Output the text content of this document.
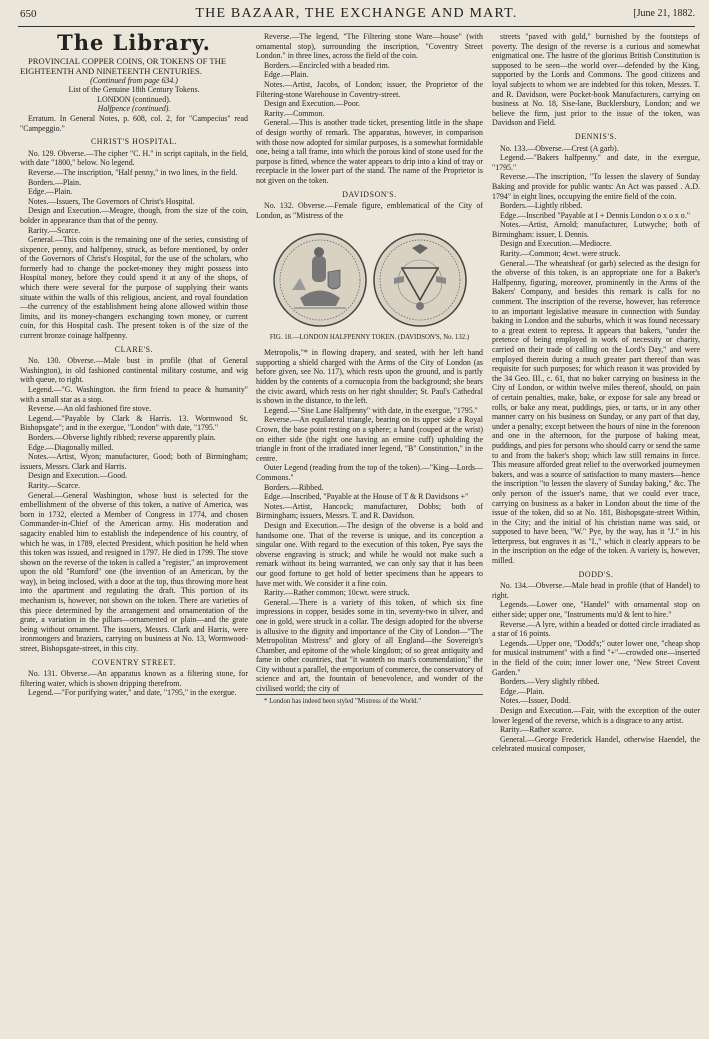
650	THE BAZAAR, THE EXCHANGE AND MART.	[June 21, 1882.
The Library.

PROVINCIAL COPPER COINS, OR TOKENS OF THE EIGHTEENTH AND NINETEENTH CENTURIES.

(Continued from page 634.)

List of the Genuine 18th Century Tokens.

LONDON (continued).

Halfpence (continued).

Erratum. In General Notes, p. 608, col. 2, for "Campecius" read "Campeggio."

CHRIST'S HOSPITAL.

No. 129. Obverse.—The cipher "C. H." in script capitals, in the field, with date "1800," below. No legend.

Reverse.—The inscription, "Half penny," in two lines, in the field.

Borders.—Plain.

Edge.—Plain.

Notes.—Issuers, The Governors of Christ's Hospital.

Design and Execution.—Meagre, though, from the size of the coin, bolder in appearance than that of the penny.

Rarity.—Scarce.

General.—This coin is the remaining one of the series, consisting of sixpence, penny, and halfpenny, struck, as before mentioned, by order of the Governors of Christ's Hospital, for the use of the scholars, who formerly had to change the pocket-money they might possess into Hospital money, before they could spend it at any of the shops, of which there were several for the purpose of supplying their wants situate within the walls of this religious, ancient, and royal foundation—the currency of the establishment being alone allowed within those limits, and its money-changers exchanging town money, or current coin, for this Hospital cash. The present token is of the size of the current bronze coinage halfpenny.

CLARE'S.

No. 130. Obverse.—Male bust in profile (that of General Washington), in old fashioned continental military costume, and wig with queue, to right.

Legend.—"G. Washington. the firm friend to peace & humanity" with a small star as a stop.

Reverse.—An old fashioned fire stove.

Legend.—"Payable by Clark & Harris. 13. Wormwood St. Bishopsgate"; and in the exergue, "London" with date, "1795."

Borders.—Obverse lightly ribbed; reverse apparently plain.

Edge.—Diagonally milled.

Notes.—Artist, Wyon; manufacturer, Good; both of Birmingham; issuers, Messrs. Clark and Harris.

Design and Execution.—Good.

Rarity.—Scarce.

General.—General Washington, whose bust is selected for the embellishment of the obverse of this token, a native of America, was born in 1732, elected a Member of Congress in 1774, and chosen Commander-in-Chief of the American army. His moderation and sagacity enabled him to establish the independence of his country, of which he was, in 1789, elected President, which position he held when this token was issued, and resigned in 1797. He died in 1799. The stove shown on the reverse of the token is called a "register," an improvement upon the old "Rumford" one (the invention of an American, by the way), in being inclosed, with a door at the top, thus throwing more heat into the apartment and regulating the draft. This portion of its mechanism is, however, not shown on the token. There are varieties of this piece determined by the arrangement and ornamentation of the grate, a variation in the pillars—ornamented or plain—and the grate being without ornament. The issuers, Messrs. Clark and Harris, were ironmongers and braziers, carrying on business at No. 13, Wormwood-street, Bishopsgate-street, in this city.

COVENTRY STREET.

No. 131. Obverse.—An apparatus known as a filtering stone, for filtering water, which is shown dripping therefrom.

Legend.—"For purifying water," and date, "1795," in the exergue.

Reverse.—The legend, "The Filtering stone Ware—house" (with ornamental stop), surrounding the inscription, "Coventry Street London." in three lines, across the field of the coin.

Borders.—Encircled with a beaded rim.

Edge.—Plain.

Notes.—Artist, Jacobs, of London; issuer, the Proprietor of the Filtering-stone Warehouse in Coventry-street.

Design and Execution.—Poor.

Rarity.—Common.

General.—This is another trade ticket, presenting little in the shape of design worthy of remark. The apparatus, however, in comparison with those now adopted for similar purposes, is a somewhat formidable one, being a tall frame, into which the porous kind of stone used for the purpose is fitted, whence the water appears to drip into a kind of tray or receptacle in the lower part of the stand. The name of the Proprietor is not given on the token.

DAVIDSON'S.

No. 132. Obverse.—Female figure, emblematical of the City of London, as "Mistress of the

FIG. 18.—LONDON HALFPENNY TOKEN. (DAVIDSON'S, No. 132.)

Metropolis,"* in flowing drapery, and seated, with her left hand supporting a shield charged with the Arms of the City of London (as before given, see No. 117), which rests upon the ground, and is partly hidden by the contents of a cornucopia from the background; she bears the civic award, which rests on her right shoulder; St. Paul's Cathedral is shown in the distance, to the left.

Legend.—"Sise Lane Halfpenny" with date, in the exergue, "1795."

Reverse.—An equilateral triangle, bearing on its upper side a Royal Crown, the base point resting on a sphere; a hand (couped at the wrist) on either side (the right one having an ermine cuff) upholding the triangle in front of the irradiated inner legend, "B" Constitution," in the centre.

Outer Legend (reading from the top of the token).—"King—Lords—Commons."

Borders.—Ribbed.

Edge.—Inscribed, "Payable at the House of T & R Davidsons +"

Notes.—Artist, Hancock; manufacturer, Dobbs; both of Birmingham; issuers, Messrs. T. and R. Davidson.

Design and Execution.—The design of the obverse is a bold and handsome one. That of the reverse is unique, and its conception a singular one. With regard to the execution of this token, Pye says the obverse engraving is struck; and while he would not make such a remark without its being warranted, we can only say that it has been our good fortune to get hold of better specimens than he appears to have met with. We consider it a fine coin.

Rarity.—Rather common; 10cwt. were struck.

General.—There is a variety of this token, of which six fine impressions in copper, besides some in tin, seventy-two in silver, and one in gold, were struck in a collar. The design adopted for the obverse is allusive to the dignity and importance of the City of London—"The Metropolitan Mistress" and glory of all England—the Sovereign's Chamber, and epitome of the whole kingdom; of so great antiquity and fame in other countries, that "it wanteth no man's commendation;" the City without a parallel, the emporium of commerce, the conservatory of science and art, the fountain of benevolence, and wonder of the civilised world; the city of

* London has indeed been styled "Mistress of the World."

streets "paved with gold," burnished by the footsteps of poverty. The design of the reverse is a curious and somewhat enigmatical one. The lustre of the glorious British Constitution is supposed to be seen—the world over—defended by the King, supported by the Lords and Commons. The good citizens and loyal subjects to whom we are indebted for this token, Messrs. T. and R. Davidson, were Pocket-book Manufacturers, carrying on business at No. 18, Sise-lane, Bucklersbury, London; and we believe the firm, just prior to the issue of the token, was Davidson and Field.

DENNIS'S.

No. 133.—Obverse.—Crest (A garb).

Legend.—"Bakers halfpenny." and date, in the exergue, "1795."

Reverse.—The inscription, "To lessen the slavery of Sunday Baking and provide for public wants: An Act was passed . A.D. 1794" in eight lines, occupying the entire field of the coin.

Borders.—Lightly ribbed.

Edge.—Inscribed "Payable at I + Dennis London o x o x o."

Notes.—Artist, Arnold; manufacturer, Lutwyche; both of Birmingham: issuer, I. Dennis.

Design and Execution.—Mediocre.

Rarity.—Common; 4cwt. were struck.

General.—The wheatsheaf (or garb) selected as the design for the obverse of this token, is an appropriate one for a Baker's Halfpenny, figuring, moreover, prominently in the Arms of the Bakers' Company, and besides this remark is calls for no comment. The inscription of the reverse, however, has reference to an important legislative measure in connection with Sunday baking in London and the suburbs, which it was found necessary to a great extent to repress. It appears that bakers, "under the pretence of being employed in work of necessity or charity, carried on their trade of calling on the Lord's Day," and were employed therein during a much greater part thereof than was requisite for such purposes; for which reason it was provided by the 34 Geo. III., c. 61, that no baker carrying on business in the City of London, or within twelve miles thereof, should, on pain of certain penalties, make, bake, or expose for sale any bread or rolls, or bake any meat, puddings, pies, or tarts, or in any other manner carry on his business on Sunday, or any part of that day, under a penalty; except between the hours of nine in the forenoon and one in the afternoon, for the purpose of baking meat, puddings, and pies for persons who should carry or send the same to and from the baker's shop; which law still remains in force. This measure afforded great relief to the overworked journeymen bakers, and was a source of satisfaction to many masters—hence the inscription "to lessen the slavery of Sunday baking," &c. The only person of the issuer's name, that we could ever trace, carrying on business as a baker in London about the time of the issue of the token, did so at No. 181, Bishopsgate-street Within, in the City; and the initial of his christian name was said, or supposed to have been, "W." Pye, by the way, has it "J." in his letterpress, but engraves it as "I.," which it clearly appears to be in the inscription on the edge of the token. A variety is, however, milled.

DODD'S.

No. 134.—Obverse.—Male head in profile (that of Handel) to right.

Legends.—Lower one, "Handel" with ornamental stop on either side; upper one, "Instruments mu'd & lent to hire."

Reverse.—A lyre, within a beaded or dotted circle irradiated as a star of 16 points.

Legends.—Upper one, "Dodd's;" outer lower one, "cheap shop for musical instrument" with a find "+"—crowded one—inserted in the field of the coin; inner lower one, "New Street Covent Garden."

Borders.—Very slightly ribbed.

Edge.—Plain.

Notes.—Issuer, Dodd.

Design and Execution.—Fair, with the exception of the outer lower legend of the reverse, which is a disgrace to any artist.

Rarity.—Rather scarce.

General.—George Frederick Handel, otherwise Haendel, the celebrated musical composer,
